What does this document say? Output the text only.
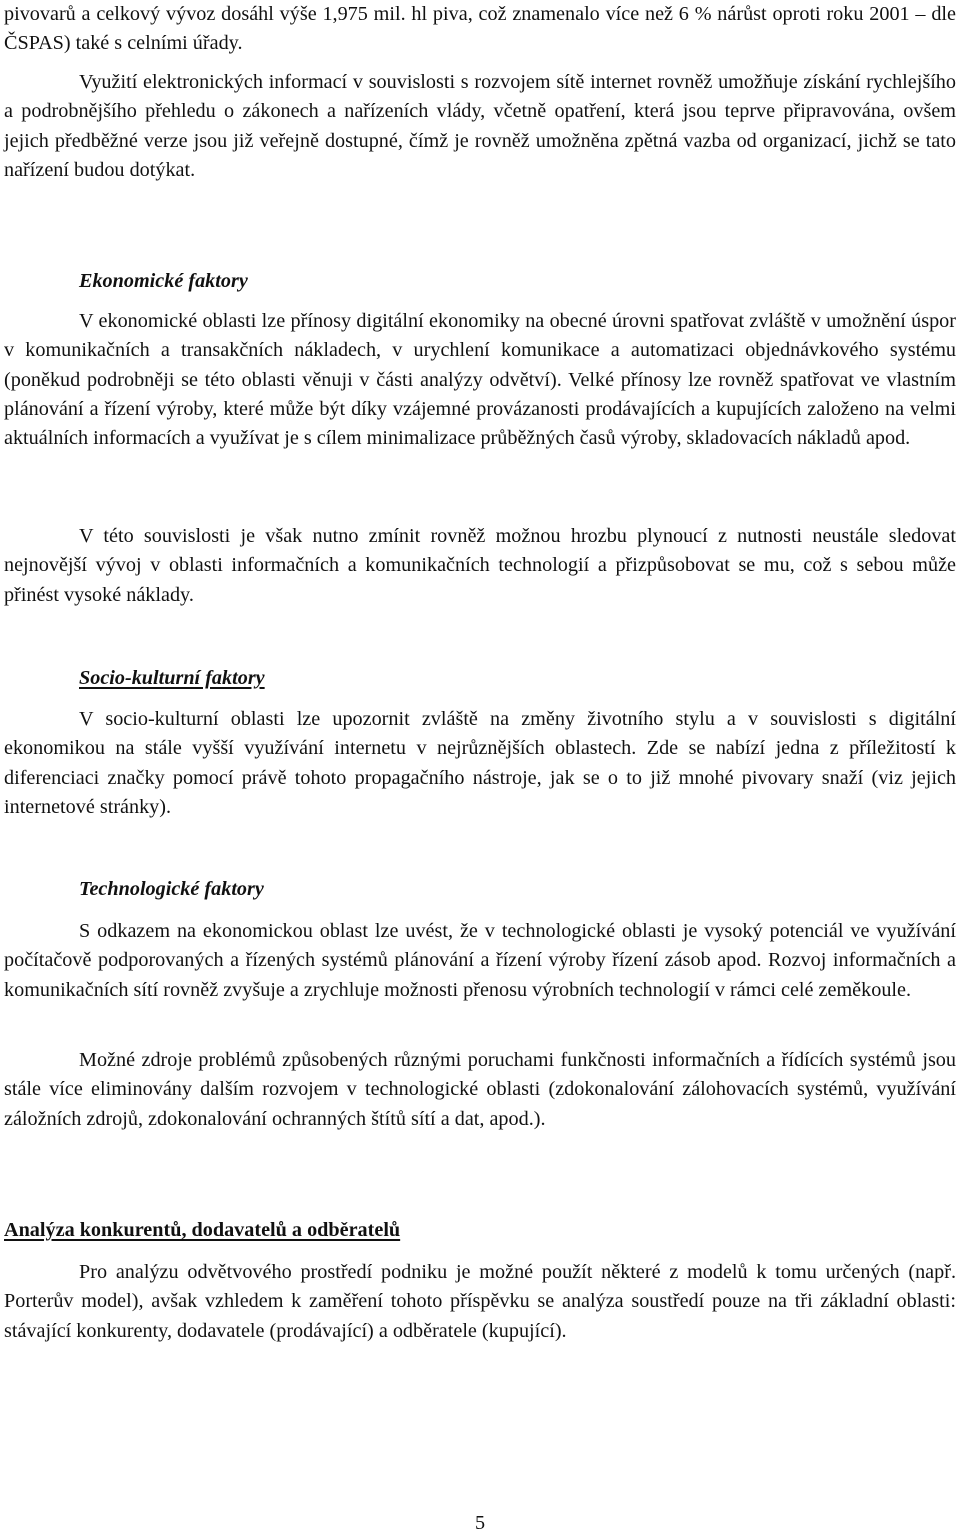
pivovarů a celkový vývoz dosáhl výše 1,975 mil. hl piva, což znamenalo více než 6 % nárůst oproti roku 2001 – dle ČSPAS) také s celními úřady.

Využití elektronických informací v souvislosti s rozvojem sítě internet rovněž umožňuje získání rychlejšího a podrobnějšího přehledu o zákonech a nařízeních vlády, včetně opatření, která jsou teprve připravována, ovšem jejich předběžné verze jsou již veřejně dostupné, čímž je rovněž umožněna zpětná vazba od organizací, jichž se tato nařízení budou dotýkat.

Ekonomické faktory

V ekonomické oblasti lze přínosy digitální ekonomiky na obecné úrovni spatřovat zvláště v umožnění úspor v komunikačních a transakčních nákladech, v urychlení komunikace a automatizaci objednávkového systému (poněkud podrobněji se této oblasti věnuji v části analýzy odvětví). Velké přínosy lze rovněž spatřovat ve vlastním plánování a řízení výroby, které může být díky vzájemné provázanosti prodávajících a kupujících založeno na velmi aktuálních informacích a využívat je s cílem minimalizace průběžných časů výroby, skladovacích nákladů apod.

V této souvislosti je však nutno zmínit rovněž možnou hrozbu plynoucí z nutnosti neustále sledovat nejnovější vývoj v oblasti informačních a komunikačních technologií a přizpůsobovat se mu, což s sebou může přinést vysoké náklady.

Socio-kulturní faktory

V socio-kulturní oblasti lze upozornit zvláště na změny životního stylu a v souvislosti s digitální ekonomikou na stále vyšší využívání internetu v nejrůznějších oblastech. Zde se nabízí jedna z příležitostí k diferenciaci značky pomocí právě tohoto propagačního nástroje, jak se o to již mnohé pivovary snaží (viz jejich internetové stránky).

Technologické faktory

S odkazem na ekonomickou oblast lze uvést, že v technologické oblasti je vysoký potenciál ve využívání počítačově podporovaných a řízených systémů plánování a řízení výroby řízení zásob apod. Rozvoj informačních a komunikačních sítí rovněž zvyšuje a zrychluje možnosti přenosu výrobních technologií v rámci celé zeměkoule.

Možné zdroje problémů způsobených různými poruchami funkčnosti informačních a řídících systémů jsou stále více eliminovány dalším rozvojem v technologické oblasti (zdokonalování zálohovacích systémů, využívání záložních zdrojů, zdokonalování ochranných štítů sítí a dat, apod.).

Analýza konkurentů, dodavatelů a odběratelů

Pro analýzu odvětvového prostředí podniku je možné použít některé z modelů k tomu určených (např. Porterův model), avšak vzhledem k zaměření tohoto příspěvku se analýza soustředí pouze na tři základní oblasti: stávající konkurenty, dodavatele (prodávající) a odběratele (kupující).

5
